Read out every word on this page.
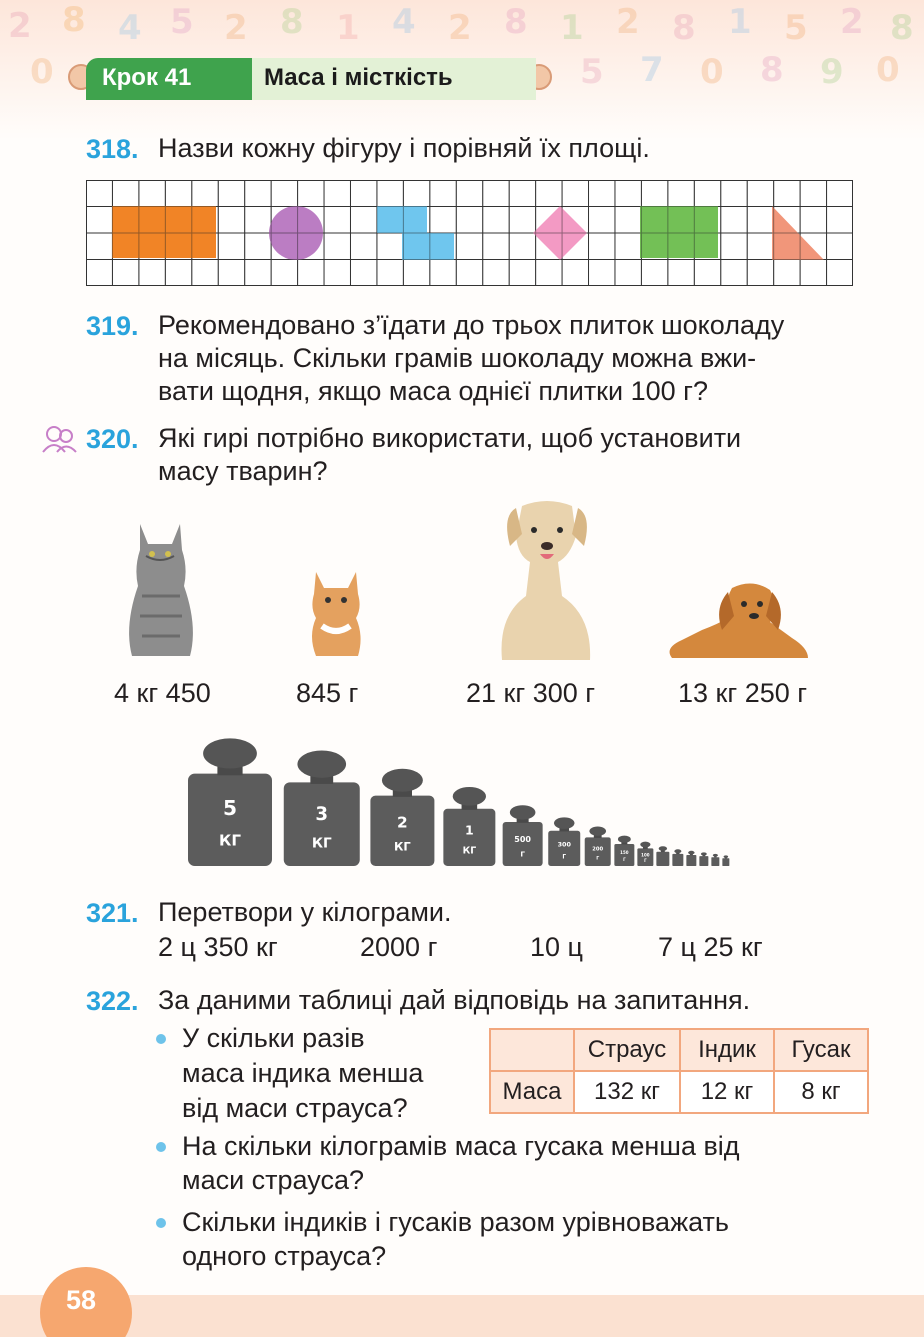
2 8 4 5 2 8 1 4 2 8 1 2 8 1 5 2 8
0	5 7 0 8 9 0
Крок 41	Маса і місткість
318. Назви кожну фігуру і порівняй їх площі.
319. Рекомендовано з’їдати до трьох плиток шоколаду
на місяць. Скільки грамів шоколаду можна вжи-
вати щодня, якщо маса однієї плитки 100 г?
320. Які гирі потрібно використати, щоб установити
масу тварин?
4 кг 450	845 г	21 кг 300 г	13 кг 250 г
5
КГ
3
КГ
2
КГ
1
КГ
500
Г
300
Г
200
Г
150
Г
100
Г
321. Перетвори у кілограми.
2 ц 350 кг	2000 г	10 ц	7 ц 25 кг
322. За даними таблиці дай відповідь на запитання.
У скільки разів
маса індика менша
від маси страуса?
	Страус	Індик	Гусак
Маса	132 кг	12 кг	8 кг
На скільки кілограмів маса гусака менша від
маси страуса?
Скільки індиків і гусаків разом урівноважать
одного страуса?
58
